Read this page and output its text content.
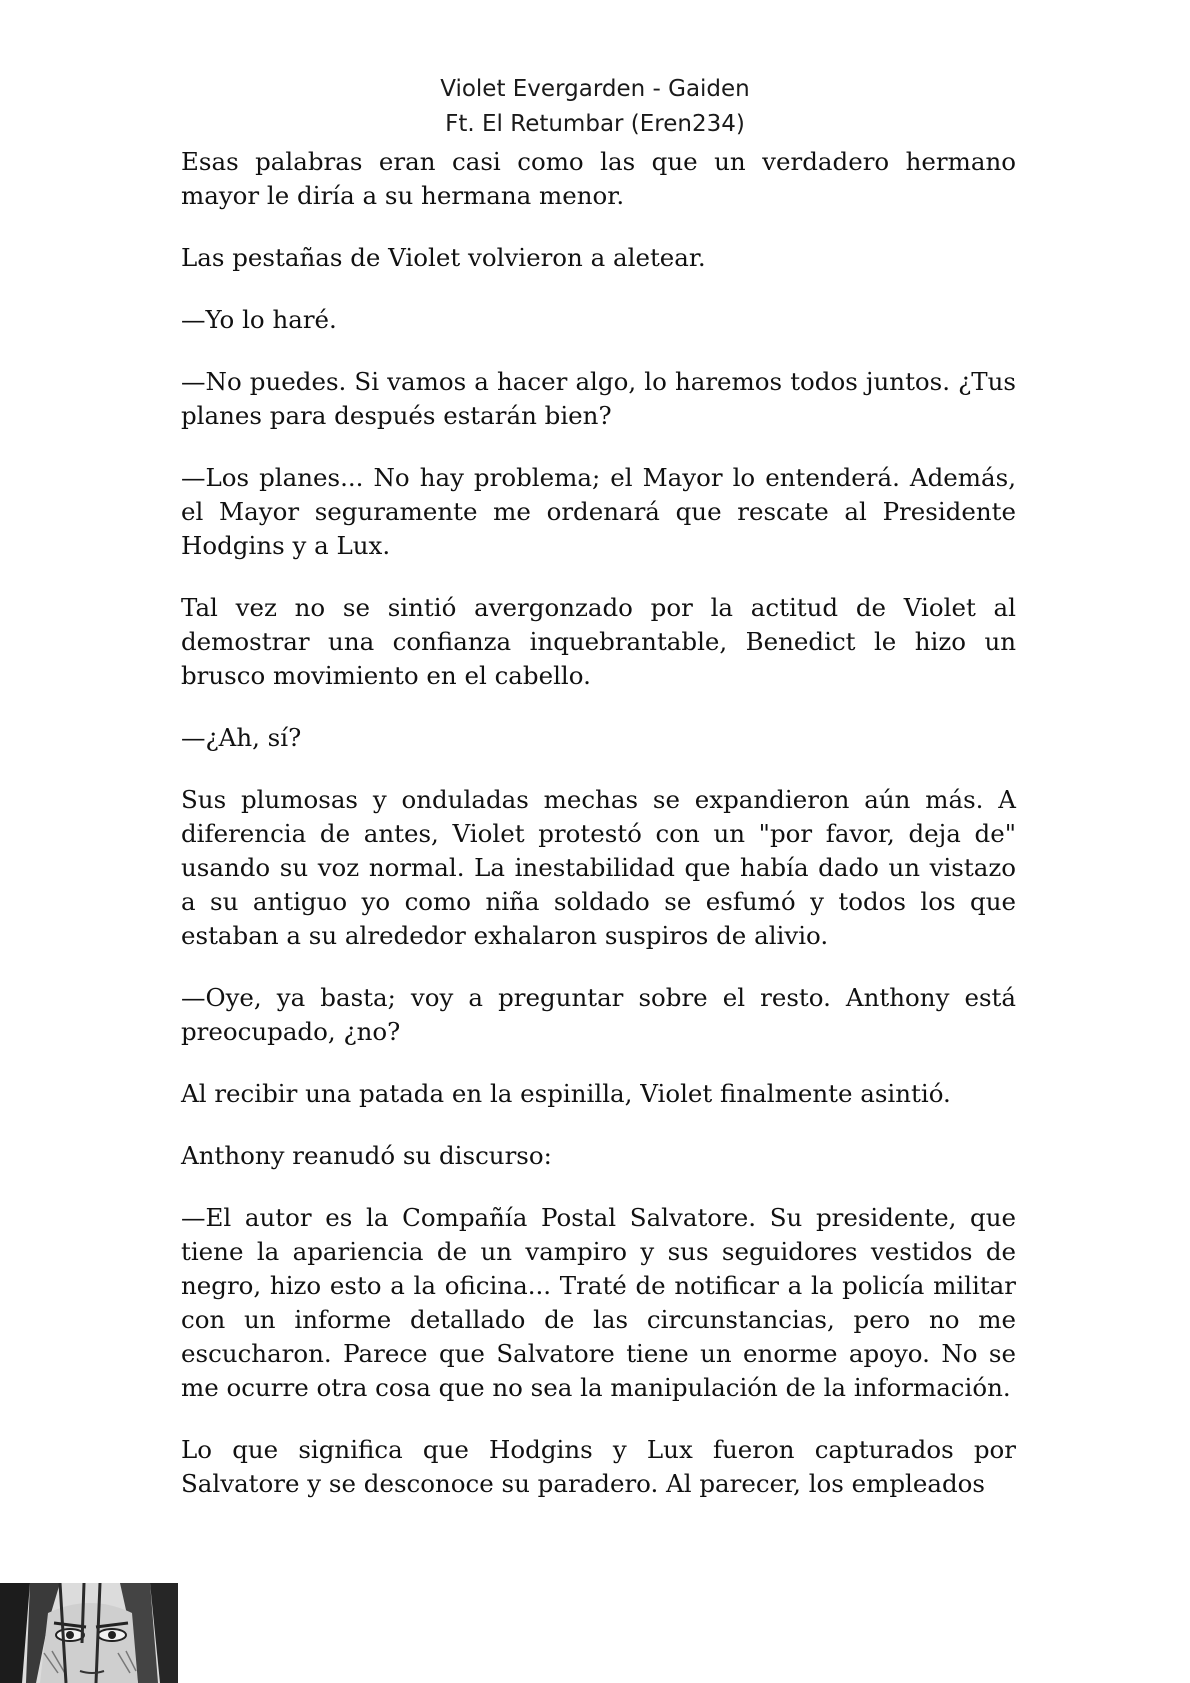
Violet Evergarden - Gaiden
Ft. El Retumbar (Eren234)

Esas palabras eran casi como las que un verdadero hermano mayor le diría a su hermana menor.

Las pestañas de Violet volvieron a aletear.

—Yo lo haré.

—No puedes. Si vamos a hacer algo, lo haremos todos juntos. ¿Tus planes para después estarán bien?

—Los planes... No hay problema; el Mayor lo entenderá. Además, el Mayor seguramente me ordenará que rescate al Presidente Hodgins y a Lux.

Tal vez no se sintió avergonzado por la actitud de Violet al demostrar una confianza inquebrantable, Benedict le hizo un brusco movimiento en el cabello.

—¿Ah, sí?

Sus plumosas y onduladas mechas se expandieron aún más. A diferencia de antes, Violet protestó con un "por favor, deja de" usando su voz normal. La inestabilidad que había dado un vistazo a su antiguo yo como niña soldado se esfumó y todos los que estaban a su alrededor exhalaron suspiros de alivio.

—Oye, ya basta; voy a preguntar sobre el resto. Anthony está preocupado, ¿no?

Al recibir una patada en la espinilla, Violet finalmente asintió.

Anthony reanudó su discurso:

—El autor es la Compañía Postal Salvatore. Su presidente, que tiene la apariencia de un vampiro y sus seguidores vestidos de negro, hizo esto a la oficina... Traté de notificar a la policía militar con un informe detallado de las circunstancias, pero no me escucharon. Parece que Salvatore tiene un enorme apoyo. No se me ocurre otra cosa que no sea la manipulación de la información.

Lo que significa que Hodgins y Lux fueron capturados por Salvatore y se desconoce su paradero. Al parecer, los empleados
